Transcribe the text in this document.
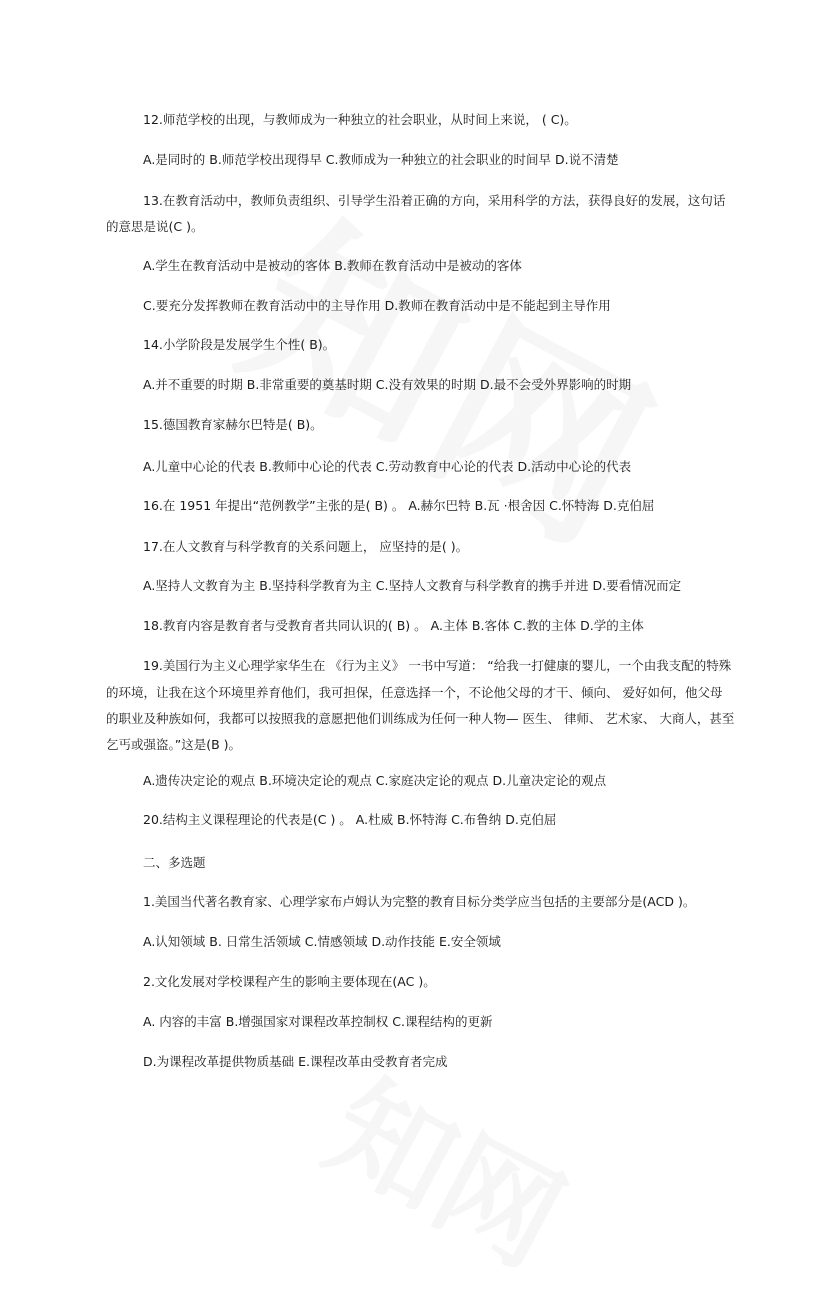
12.师范学校的出现，与教师成为一种独立的社会职业，从时间上来说， ( C)。
A.是同时的 B.师范学校出现得早 C.教师成为一种独立的社会职业的时间早 D.说不清楚
13.在教育活动中，教师负责组织、引导学生沿着正确的方向，采用科学的方法，获得良好的发展，这句话
的意思是说(C )。
A.学生在教育活动中是被动的客体 B.教师在教育活动中是被动的客体
C.要充分发挥教师在教育活动中的主导作用 D.教师在教育活动中是不能起到主导作用
14.小学阶段是发展学生个性( B)。
A.并不重要的时期 B.非常重要的奠基时期 C.没有效果的时期 D.最不会受外界影响的时期
15.德国教育家赫尔巴特是( B)。
A.儿童中心论的代表 B.教师中心论的代表 C.劳动教育中心论的代表 D.活动中心论的代表
16.在 1951 年提出“范例教学”主张的是( B) 。 A.赫尔巴特 B.瓦 ·根舍因 C.怀特海 D.克伯屈
17.在人文教育与科学教育的关系问题上， 应坚持的是( )。
A.坚持人文教育为主 B.坚持科学教育为主 C.坚持人文教育与科学教育的携手并进 D.要看情况而定
18.教育内容是教育者与受教育者共同认识的( B) 。 A.主体 B.客体 C.教的主体 D.学的主体
19.美国行为主义心理学家华生在 《行为主义》 一书中写道： “给我一打健康的婴儿，一个由我支配的特殊
的环境，让我在这个环境里养育他们，我可担保，任意选择一个，不论他父母的才干、倾向、 爱好如何，他父母
的职业及种族如何，我都可以按照我的意愿把他们训练成为任何一种人物— 医生、 律师、 艺术家、 大商人，甚至
乞丐或强盗。”这是(B )。
A.遗传决定论的观点 B.环境决定论的观点 C.家庭决定论的观点 D.儿童决定论的观点
20.结构主义课程理论的代表是(C ) 。 A.杜威 B.怀特海 C.布鲁纳 D.克伯屈
二、多选题
1.美国当代著名教育家、心理学家布卢姆认为完整的教育目标分类学应当包括的主要部分是(ACD )。
A.认知领域 B. 日常生活领域 C.情感领域 D.动作技能 E.安全领域
2.文化发展对学校课程产生的影响主要体现在(AC )。
A. 内容的丰富 B.增强国家对课程改革控制权 C.课程结构的更新
D.为课程改革提供物质基础 E.课程改革由受教育者完成
